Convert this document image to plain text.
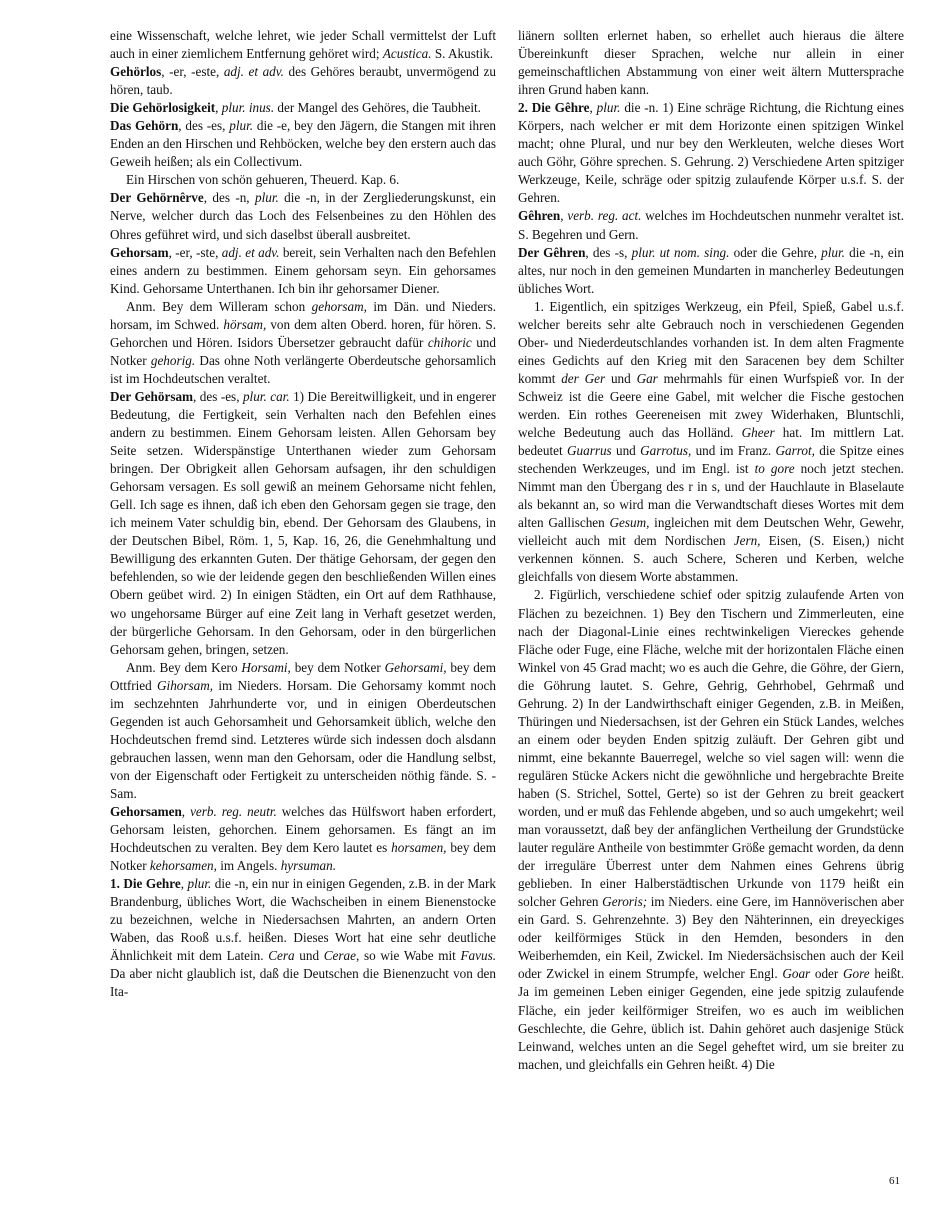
eine Wissenschaft, welche lehret, wie jeder Schall vermittelst der Luft auch in einer ziemlichem Entfernung gehöret wird; Acustica. S. Akustik.

Gehörlos, -er, -este, adj. et adv. des Gehöres beraubt, unvermögend zu hören, taub.

Die Gehörlosigkeit, plur. inus. der Mangel des Gehöres, die Taubheit.

Das Gehörn, des -es, plur. die -e, bey den Jägern, die Stangen mit ihren Enden an den Hirschen und Rehböcken, welche bey den erstern auch das Geweih heißen; als ein Collectivum.

Ein Hirschen von schön gehueren, Theuerd. Kap. 6.

Der Gehörnêrve, des -n, plur. die -n, in der Zergliederungskunst, ein Nerve, welcher durch das Loch des Felsenbeines zu den Höhlen des Ohres geführet wird, und sich daselbst überall ausbreitet.

Gehorsam, -er, -ste, adj. et adv. bereit, sein Verhalten nach den Befehlen eines andern zu bestimmen. Einem gehorsam seyn. Ein gehorsames Kind. Gehorsame Unterthanen. Ich bin ihr gehorsamer Diener.

Anm. Bey dem Willeram schon gehorsam, im Dän. und Nieders. horsam, im Schwed. hörsam, von dem alten Oberd. horen, für hören. S. Gehorchen und Hören. Isidors Übersetzer gebraucht dafür chihoric und Notker gehorig. Das ohne Noth verlängerte Oberdeutsche gehorsamlich ist im Hochdeutschen veraltet.

Der Gehörsam, des -es, plur. car. 1) Die Bereitwilligkeit, und in engerer Bedeutung, die Fertigkeit, sein Verhalten nach den Befehlen eines andern zu bestimmen. Einem Gehorsam leisten. Allen Gehorsam bey Seite setzen. Widerspänstige Unterthanen wieder zum Gehorsam bringen. Der Obrigkeit allen Gehorsam aufsagen, ihr den schuldigen Gehorsam versagen. Es soll gewiß an meinem Gehorsame nicht fehlen, Gell. Ich sage es ihnen, daß ich eben den Gehorsam gegen sie trage, den ich meinem Vater schuldig bin, ebend. Der Gehorsam des Glaubens, in der Deutschen Bibel, Röm. 1, 5, Kap. 16, 26, die Genehmhaltung und Bewilligung des erkannten Guten. Der thätige Gehorsam, der gegen den befehlenden, so wie der leidende gegen den beschließenden Willen eines Obern geübet wird. 2) In einigen Städten, ein Ort auf dem Rathhause, wo ungehorsame Bürger auf eine Zeit lang in Verhaft gesetzet werden, der bürgerliche Gehorsam. In den Gehorsam, oder in den bürgerlichen Gehorsam gehen, bringen, setzen.

Anm. Bey dem Kero Horsami, bey dem Notker Gehorsami, bey dem Ottfried Gihorsam, im Nieders. Horsam. Die Gehorsamy kommt noch im sechzehnten Jahrhunderte vor, und in einigen Oberdeutschen Gegenden ist auch Gehorsamheit und Gehorsamkeit üblich, welche den Hochdeutschen fremd sind. Letzteres würde sich indessen doch alsdann gebrauchen lassen, wenn man den Gehorsam, oder die Handlung selbst, von der Eigenschaft oder Fertigkeit zu unterscheiden nöthig fände. S. -Sam.

Gehorsamen, verb. reg. neutr. welches das Hülfswort haben erfordert, Gehorsam leisten, gehorchen. Einem gehorsamen. Es fängt an im Hochdeutschen zu veralten. Bey dem Kero lautet es horsamen, bey dem Notker kehorsamen, im Angels. hyrsuman.

1. Die Gehre, plur. die -n, ein nur in einigen Gegenden, z.B. in der Mark Brandenburg, übliches Wort, die Wachscheiben in einem Bienenstocke zu bezeichnen, welche in Niedersachsen Mahrten, an andern Orten Waben, das Rooß u.s.f. heißen. Dieses Wort hat eine sehr deutliche Ähnlichkeit mit dem Latein. Cera und Cerae, so wie Wabe mit Favus. Da aber nicht glaublich ist, daß die Deutschen die Bienenzucht von den Ita-

liänern sollten erlernet haben, so erhellet auch hieraus die ältere Übereinkunft dieser Sprachen, welche nur allein in einer gemeinschaftlichen Abstammung von einer weit ältern Muttersprache ihren Grund haben kann.

2. Die Gêhre, plur. die -n. 1) Eine schräge Richtung, die Richtung eines Körpers, nach welcher er mit dem Horizonte einen spitzigen Winkel macht; ohne Plural, und nur bey den Werkleuten, welche dieses Wort auch Göhr, Göhre sprechen. S. Gehrung. 2) Verschiedene Arten spitziger Werkzeuge, Keile, schräge oder spitzig zulaufende Körper u.s.f. S. der Gehren.

Gêhren, verb. reg. act. welches im Hochdeutschen nunmehr veraltet ist. S. Begehren und Gern.

Der Gêhren, des -s, plur. ut nom. sing. oder die Gehre, plur. die -n, ein altes, nur noch in den gemeinen Mundarten in mancherley Bedeutungen übliches Wort.

1. Eigentlich, ein spitziges Werkzeug, ein Pfeil, Spieß, Gabel u.s.f. welcher bereits sehr alte Gebrauch noch in verschiedenen Gegenden Ober- und Niederdeutschlandes vorhanden ist. In dem alten Fragmente eines Gedichts auf den Krieg mit den Saracenen bey dem Schilter kommt der Ger und Gar mehrmahls für einen Wurfspieß vor. In der Schweiz ist die Geere eine Gabel, mit welcher die Fische gestochen werden. Ein rothes Geereneisen mit zwey Widerhaken, Bluntschli, welche Bedeutung auch das Holländ. Gheer hat. Im mittlern Lat. bedeutet Guarrus und Garrotus, und im Franz. Garrot, die Spitze eines stechenden Werkzeuges, und im Engl. ist to gore noch jetzt stechen. Nimmt man den Übergang des r in s, und der Hauchlaute in Blaselaute als bekannt an, so wird man die Verwandtschaft dieses Wortes mit dem alten Gallischen Gesum, ingleichen mit dem Deutschen Wehr, Gewehr, vielleicht auch mit dem Nordischen Jern, Eisen, (S. Eisen,) nicht verkennen können. S. auch Schere, Scheren und Kerben, welche gleichfalls von diesem Worte abstammen.

2. Figürlich, verschiedene schief oder spitzig zulaufende Arten von Flächen zu bezeichnen. 1) Bey den Tischern und Zimmerleuten, eine nach der Diagonal-Linie eines rechtwinkeligen Viereckes gehende Fläche oder Fuge, eine Fläche, welche mit der horizontalen Fläche einen Winkel von 45 Grad macht; wo es auch die Gehre, die Göhre, der Giern, die Göhrung lautet. S. Gehre, Gehrig, Gehrhobel, Gehrmaß und Gehrung. 2) In der Landwirthschaft einiger Gegenden, z.B. in Meißen, Thüringen und Niedersachsen, ist der Gehren ein Stück Landes, welches an einem oder beyden Enden spitzig zuläuft. Der Gehren gibt und nimmt, eine bekannte Bauerregel, welche so viel sagen will: wenn die regulären Stücke Ackers nicht die gewöhnliche und hergebrachte Breite haben (S. Strichel, Sottel, Gerte) so ist der Gehren zu breit geackert worden, und er muß das Fehlende abgeben, und so auch umgekehrt; weil man voraussetzt, daß bey der anfänglichen Vertheilung der Grundstücke lauter reguläre Antheile von bestimmter Größe gemacht worden, da denn der irreguläre Überrest unter dem Nahmen eines Gehrens übrig geblieben. In einer Halberstädtischen Urkunde von 1179 heißt ein solcher Gehren Geroris; im Nieders. eine Gere, im Hannöverischen aber ein Gard. S. Gehrenzehnte. 3) Bey den Nähterinnen, ein dreyeckiges oder keilförmiges Stück in den Hemden, besonders in den Weiberhemden, ein Keil, Zwickel. Im Niedersächsischen auch der Keil oder Zwickel in einem Strumpfe, welcher Engl. Goar oder Gore heißt. Ja im gemeinen Leben einiger Gegenden, eine jede spitzig zulaufende Fläche, ein jeder keilförmiger Streifen, wo es auch im weiblichen Geschlechte, die Gehre, üblich ist. Dahin gehöret auch dasjenige Stück Leinwand, welches unten an die Segel geheftet wird, um sie breiter zu machen, und gleichfalls ein Gehren heißt. 4) Die

61
